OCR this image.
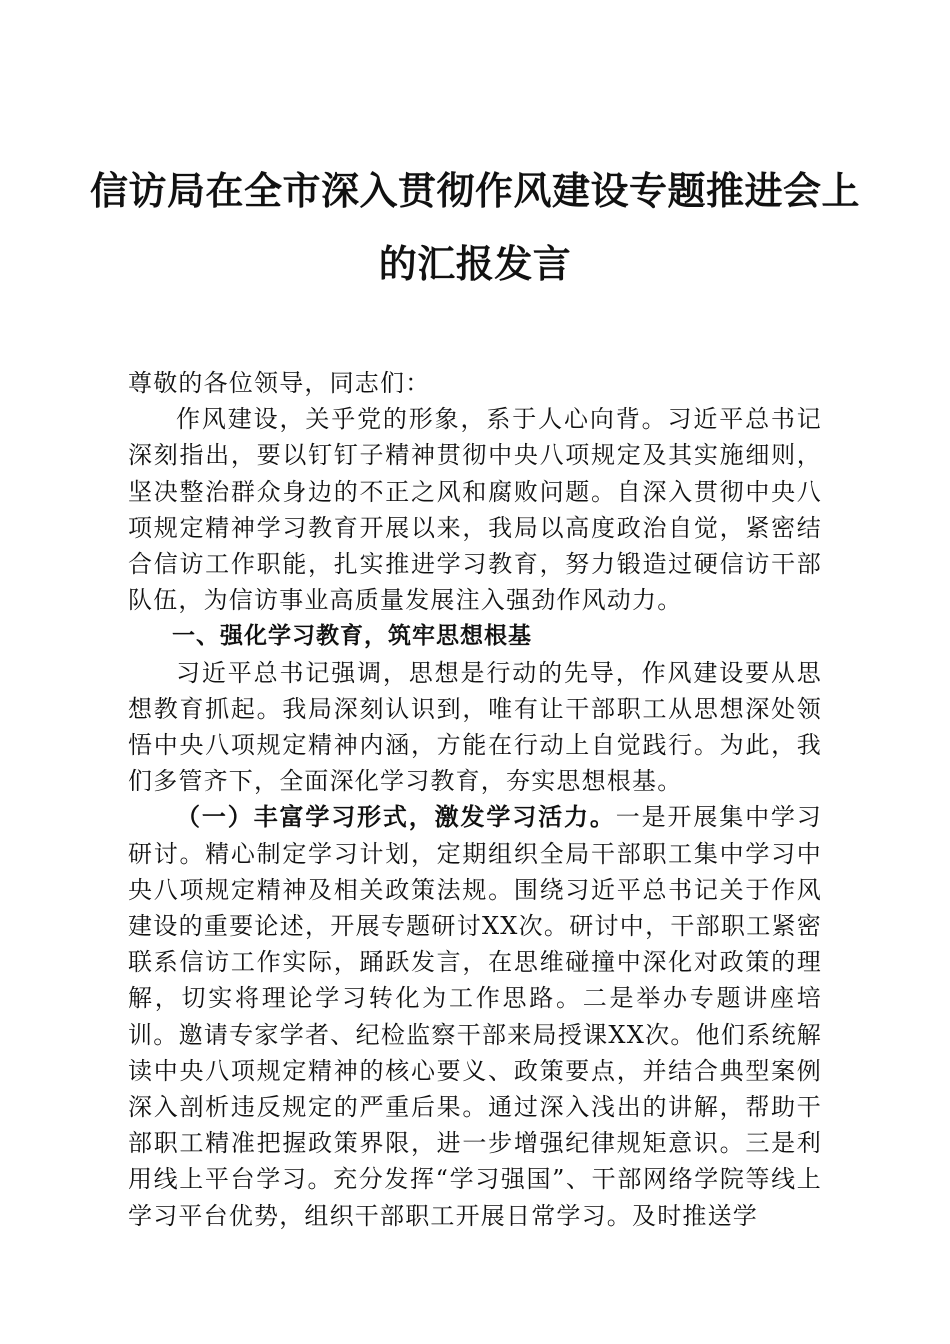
信访局在全市深入贯彻作风建设专题推进会上
的汇报发言

尊敬的各位领导，同志们：

作风建设，关乎党的形象，系于人心向背。习近平总书记深刻指出，要以钉钉子精神贯彻中央八项规定及其实施细则，坚决整治群众身边的不正之风和腐败问题。自深入贯彻中央八项规定精神学习教育开展以来，我局以高度政治自觉，紧密结合信访工作职能，扎实推进学习教育，努力锻造过硬信访干部队伍，为信访事业高质量发展注入强劲作风动力。

一、强化学习教育，筑牢思想根基

习近平总书记强调，思想是行动的先导，作风建设要从思想教育抓起。我局深刻认识到，唯有让干部职工从思想深处领悟中央八项规定精神内涵，方能在行动上自觉践行。为此，我们多管齐下，全面深化学习教育，夯实思想根基。

（一）丰富学习形式，激发学习活力。一是开展集中学习研讨。精心制定学习计划，定期组织全局干部职工集中学习中央八项规定精神及相关政策法规。围绕习近平总书记关于作风建设的重要论述，开展专题研讨XX次。研讨中，干部职工紧密联系信访工作实际，踊跃发言，在思维碰撞中深化对政策的理解，切实将理论学习转化为工作思路。二是举办专题讲座培训。邀请专家学者、纪检监察干部来局授课XX次。他们系统解读中央八项规定精神的核心要义、政策要点，并结合典型案例深入剖析违反规定的严重后果。通过深入浅出的讲解，帮助干部职工精准把握政策界限，进一步增强纪律规矩意识。三是利用线上平台学习。充分发挥“学习强国”、干部网络学院等线上学习平台优势，组织干部职工开展日常学习。及时推送学
